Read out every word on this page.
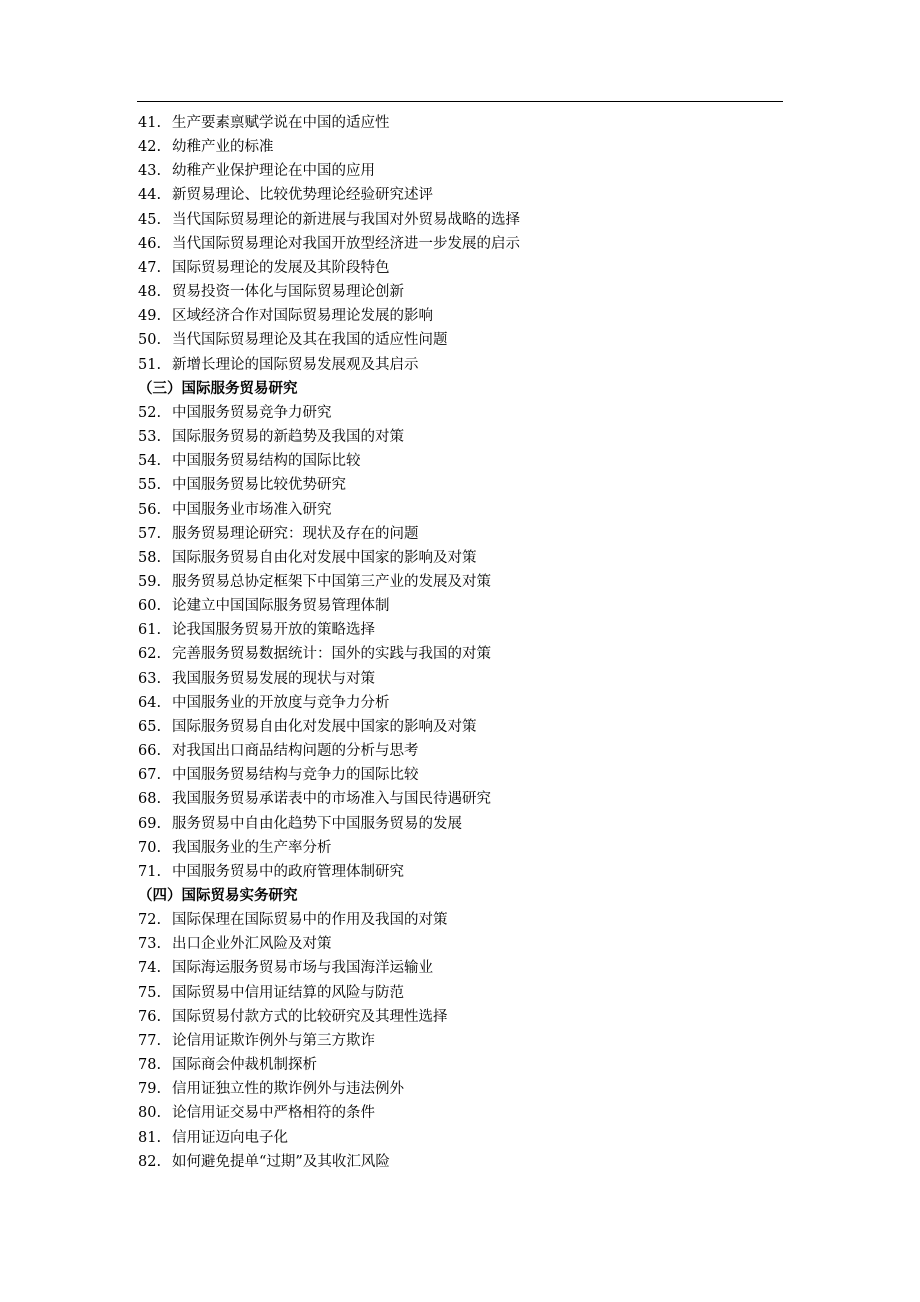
41. 生产要素禀赋学说在中国的适应性
42. 幼稚产业的标准
43. 幼稚产业保护理论在中国的应用
44. 新贸易理论、比较优势理论经验研究述评
45. 当代国际贸易理论的新进展与我国对外贸易战略的选择
46. 当代国际贸易理论对我国开放型经济进一步发展的启示
47. 国际贸易理论的发展及其阶段特色
48. 贸易投资一体化与国际贸易理论创新
49. 区域经济合作对国际贸易理论发展的影响
50. 当代国际贸易理论及其在我国的适应性问题
51. 新增长理论的国际贸易发展观及其启示
（三）国际服务贸易研究
52. 中国服务贸易竞争力研究
53. 国际服务贸易的新趋势及我国的对策
54. 中国服务贸易结构的国际比较
55. 中国服务贸易比较优势研究
56. 中国服务业市场准入研究
57. 服务贸易理论研究：现状及存在的问题
58. 国际服务贸易自由化对发展中国家的影响及对策
59. 服务贸易总协定框架下中国第三产业的发展及对策
60. 论建立中国国际服务贸易管理体制
61. 论我国服务贸易开放的策略选择
62. 完善服务贸易数据统计：国外的实践与我国的对策
63. 我国服务贸易发展的现状与对策
64. 中国服务业的开放度与竞争力分析
65. 国际服务贸易自由化对发展中国家的影响及对策
66. 对我国出口商品结构问题的分析与思考
67. 中国服务贸易结构与竞争力的国际比较
68. 我国服务贸易承诺表中的市场准入与国民待遇研究
69. 服务贸易中自由化趋势下中国服务贸易的发展
70. 我国服务业的生产率分析
71. 中国服务贸易中的政府管理体制研究
（四）国际贸易实务研究
72. 国际保理在国际贸易中的作用及我国的对策
73. 出口企业外汇风险及对策
74. 国际海运服务贸易市场与我国海洋运输业
75. 国际贸易中信用证结算的风险与防范
76. 国际贸易付款方式的比较研究及其理性选择
77. 论信用证欺诈例外与第三方欺诈
78. 国际商会仲裁机制探析
79. 信用证独立性的欺诈例外与违法例外
80. 论信用证交易中严格相符的条件
81. 信用证迈向电子化
82. 如何避免提单“过期”及其收汇风险
